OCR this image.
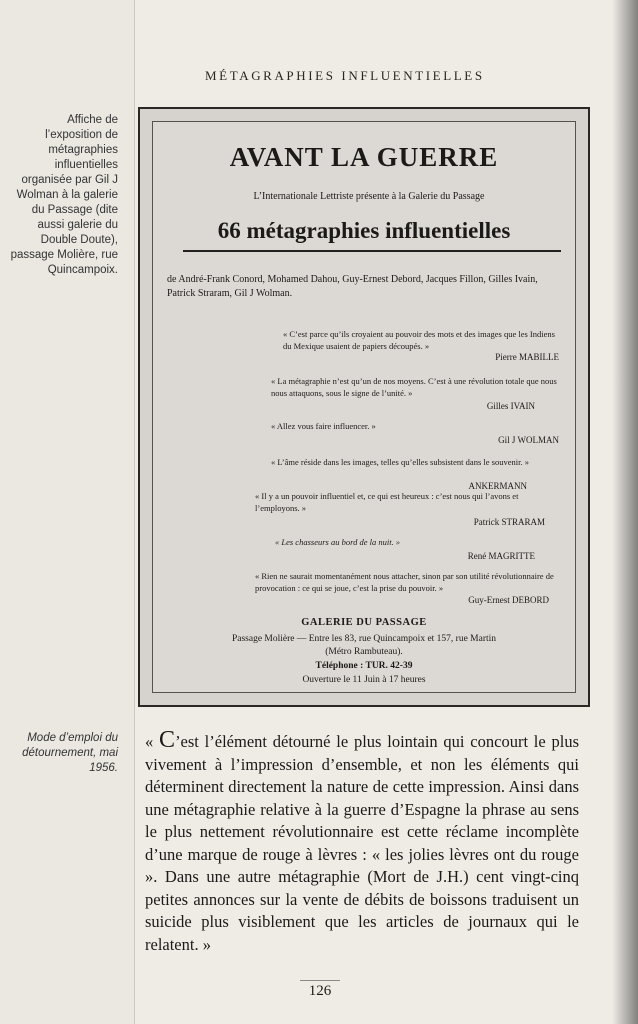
Affiche de l’exposition de métagraphies influentielles organisée par Gil J Wolman à la galerie du Passage (dite aussi galerie du Double Doute), passage Molière, rue Quincampoix.
Mode d’emploi du détournement, mai 1956.
MÉTAGRAPHIES INFLUENTIELLES
AVANT LA GUERRE
L’Internationale Lettriste présente à la Galerie du Passage
66 métagraphies influentielles
de André-Frank Conord, Mohamed Dahou, Guy-Ernest Debord, Jacques Fillon, Gilles Ivain,
Patrick Straram, Gil J Wolman.
« C’est parce qu’ils croyaient au pouvoir des mots et des images que les Indiens du Mexique usaient de papiers découpés. »
Pierre MABILLE
« La métagraphie n’est qu’un de nos moyens. C’est à une révolution totale que nous nous attaquons, sous le signe de l’unité. »
Gilles IVAIN
« Allez vous faire influencer. »
Gil J WOLMAN
« L’âme réside dans les images, telles qu’elles subsistent dans le souvenir. »
ANKERMANN
« Il y a un pouvoir influentiel et, ce qui est heureux : c’est nous qui l’avons et l’employons. »
Patrick STRARAM
« Les chasseurs au bord de la nuit. »
René MAGRITTE
« Rien ne saurait momentanément nous attacher, sinon par son utilité révolutionnaire de provocation : ce qui se joue, c’est la prise du pouvoir. »
Guy-Ernest DEBORD
GALERIE DU PASSAGE
Passage Molière — Entre les 83, rue Quincampoix et 157, rue Martin
(Métro Rambuteau).
Téléphone : TUR. 42-39
Ouverture le 11 Juin à 17 heures
« C’est l’élément détourné le plus lointain qui concourt le plus vivement à l’impression d’ensemble, et non les éléments qui déterminent directement la nature de cette impression. Ainsi dans une métagraphie relative à la guerre d’Espagne la phrase au sens le plus nettement révolutionnaire est cette réclame incomplète d’une marque de rouge à lèvres : « les jolies lèvres ont du rouge ». Dans une autre métagraphie (Mort de J.H.) cent vingt-cinq petites annonces sur la vente de débits de boissons traduisent un suicide plus visiblement que les articles de journaux qui le relatent. »
126
